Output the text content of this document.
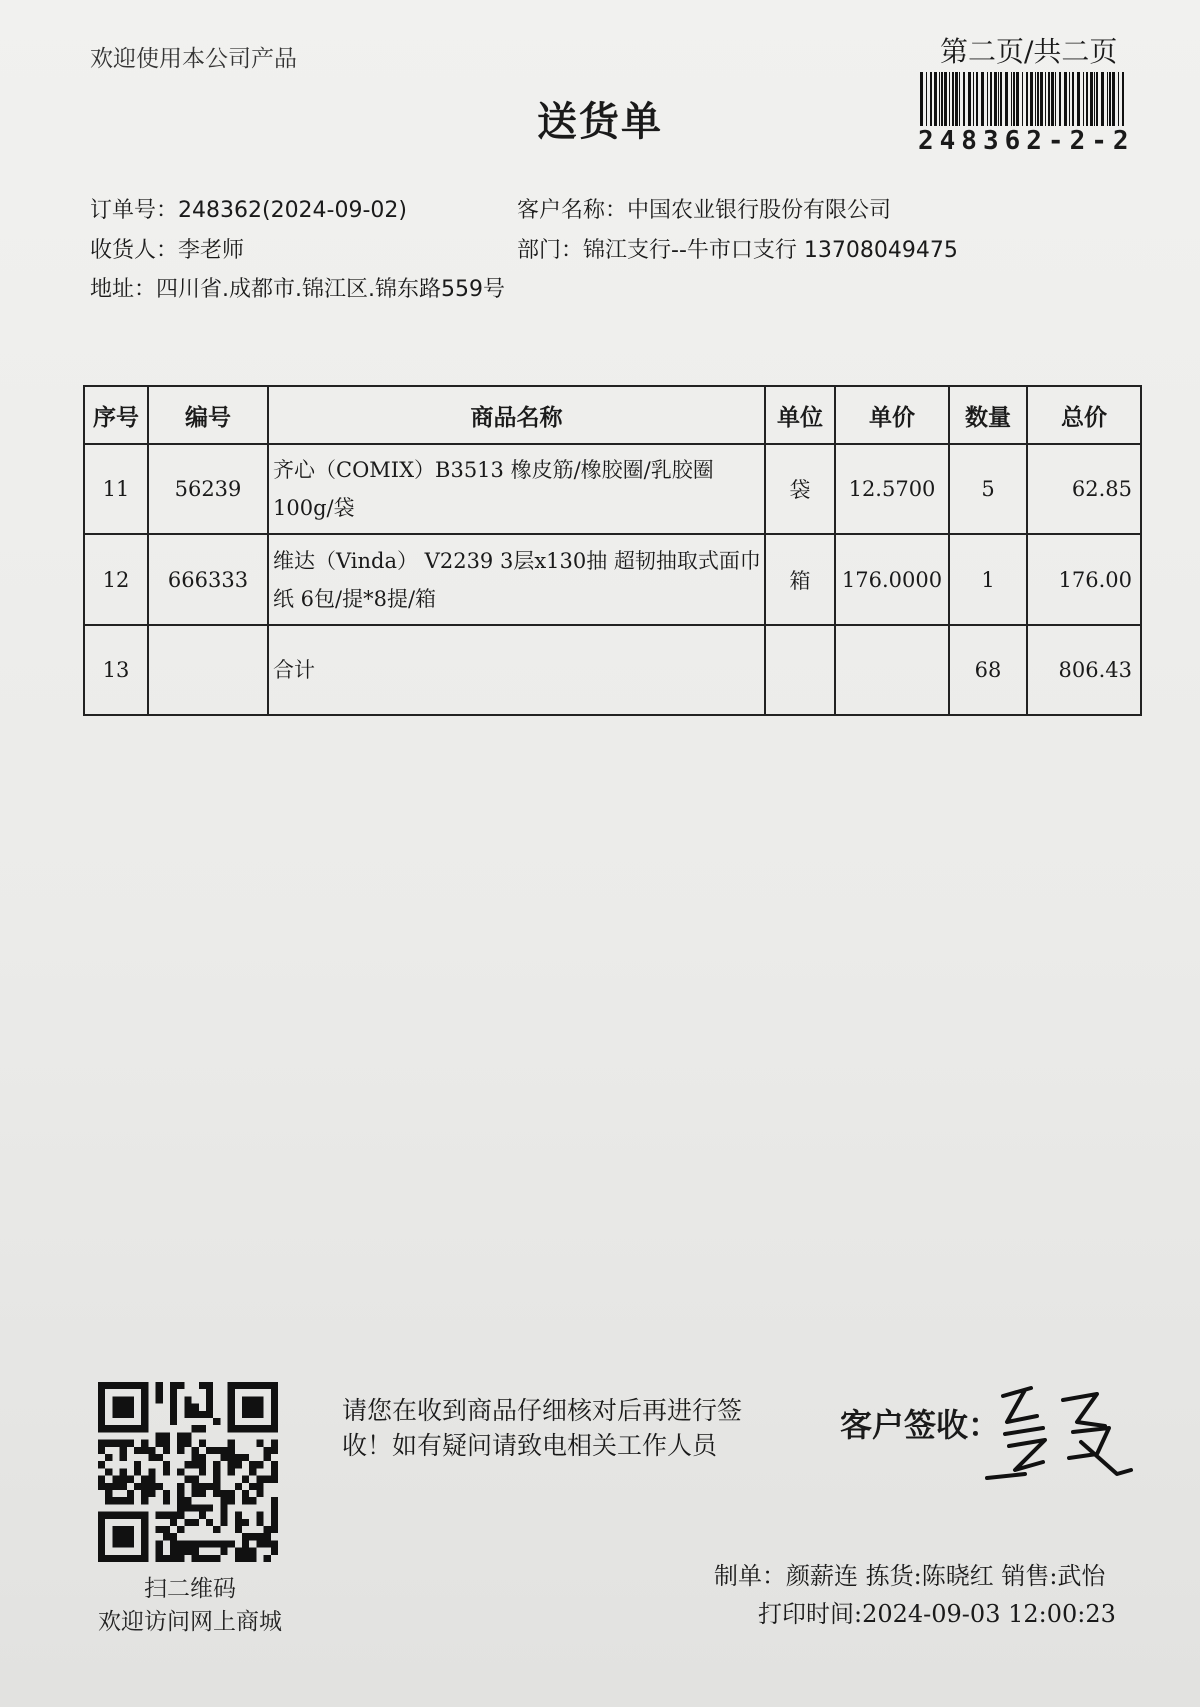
欢迎使用本公司产品
送货单
第二页/共二页
248362-2-2
订单号：248362(2024-09-02)	客户名称：中国农业银行股份有限公司
收货人：李老师	部门：锦江支行--牛市口支行 13708049475
地址：四川省.成都市.锦江区.锦东路559号
序号	编号	商品名称	单位	单价	数量	总价
11	56239	齐心（COMIX）B3513 橡皮筋/橡胶圈/乳胶圈100g/袋	袋	12.5700	5	62.85
12	666333	维达（Vinda） V2239 3层x130抽 超韧抽取式面巾纸 6包/提*8提/箱	箱	176.0000	1	176.00
13		合计			68	806.43
扫二维码
欢迎访问网上商城
请您在收到商品仔细核对后再进行签收！如有疑问请致电相关工作人员
客户签收：
制单：颜薪连 拣货:陈晓红 销售:武怡
打印时间:2024-09-03 12:00:23
